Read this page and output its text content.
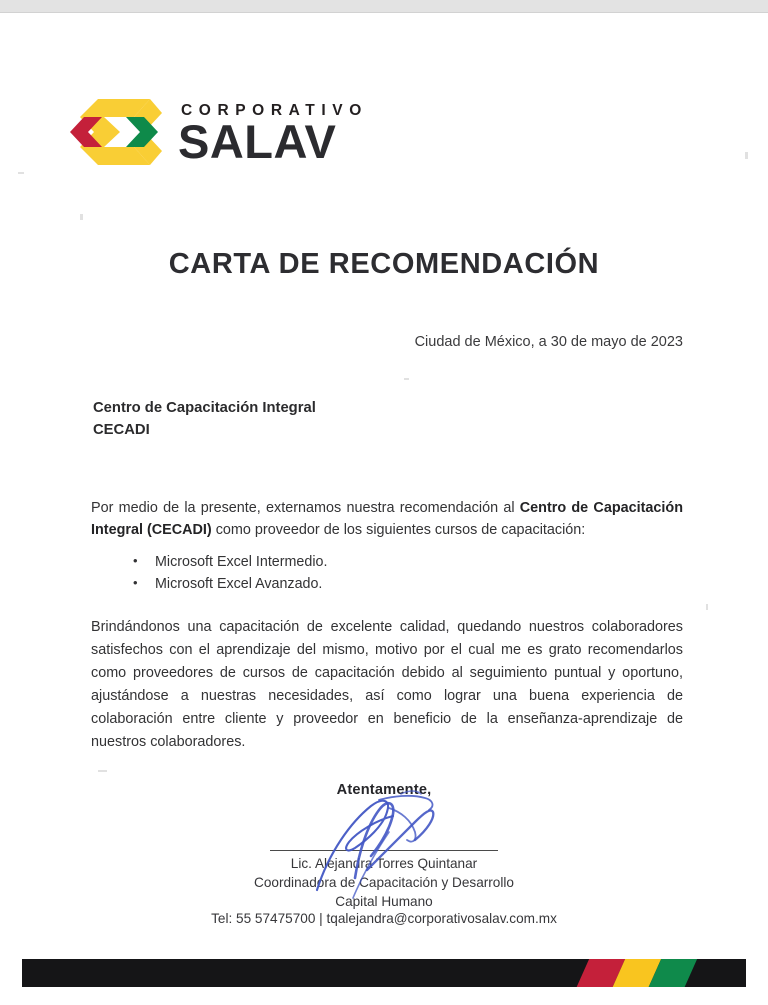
CORPORATIVO
SALAV
CARTA DE RECOMENDACIÓN
Ciudad de México, a 30 de mayo de 2023
Centro de Capacitación Integral
CECADI

Por medio de la presente, externamos nuestra recomendación al Centro de Capacitación Integral (CECADI) como proveedor de los siguientes cursos de capacitación:

• Microsoft Excel Intermedio.
• Microsoft Excel Avanzado.

Brindándonos una capacitación de excelente calidad, quedando nuestros colaboradores satisfechos con el aprendizaje del mismo, motivo por el cual me es grato recomendarlos como proveedores de cursos de capacitación debido al seguimiento puntual y oportuno, ajustándose a nuestras necesidades, así como lograr una buena experiencia de colaboración entre cliente y proveedor en beneficio de la enseñanza-aprendizaje de nuestros colaboradores.

Atentamente,
Lic. Alejandra Torres Quintanar
Coordinadora de Capacitación y Desarrollo
Capital Humano
Tel: 55 57475700 | tqalejandra@corporativosalav.com.mx
